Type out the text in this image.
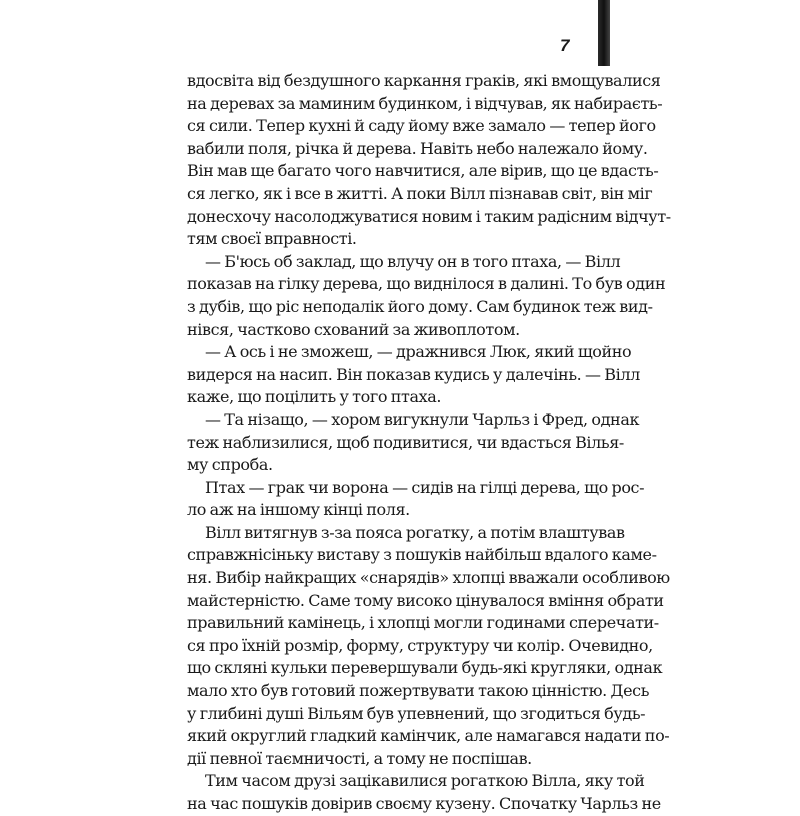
7
вдосвіта від бездушного каркання граків, які вмощувалися
на деревах за маминим будинком, і відчував, як набираєть-
ся сили. Тепер кухні й саду йому вже замало — тепер його
вабили поля, річка й дерева. Навіть небо належало йому.
Він мав ще багато чого навчитися, але вірив, що це вдасть-
ся легко, як і все в житті. А поки Вілл пізнавав світ, він міг
донесхочу насолоджуватися новим і таким радісним відчут-
тям своєї вправності.
— Б'юсь об заклад, що влучу он в того птаха, — Вілл
показав на гілку дерева, що виднілося в далині. То був один
з дубів, що ріс неподалік його дому. Сам будинок теж вид-
нівся, частково схований за живоплотом.
— А ось і не зможеш, — дражнився Люк, який щойно
видерся на насип. Він показав кудись у далечінь. — Вілл
каже, що поцілить у того птаха.
— Та нізащо, — хором вигукнули Чарльз і Фред, однак
теж наблизилися, щоб подивитися, чи вдасться Вілья-
му спроба.
Птах — грак чи ворона — сидів на гілці дерева, що рос-
ло аж на іншому кінці поля.
Вілл витягнув з-за пояса рогатку, а потім влаштував
справжнісіньку виставу з пошуків найбільш вдалого камe-
ня. Вибір найкращих «снарядів» хлопці вважали особливою
майстерністю. Саме тому високо цінувалося вміння обрати
правильний камінець, і хлопці могли годинами сперечати-
ся про їхній розмір, форму, структуру чи колір. Очевидно,
що скляні кульки перевершували будь-які кругляки, однак
мало хто був готовий пожертвувати такою цінністю. Десь
у глибині душі Вільям був упевнений, що згодиться будь-
який округлий гладкий камінчик, але намагався надати по-
дії певної таємничості, а тому не поспішав.
Тим часом друзі зацікавилися рогаткою Вілла, яку той
на час пошуків довірив своєму кузену. Спочатку Чарльз не
